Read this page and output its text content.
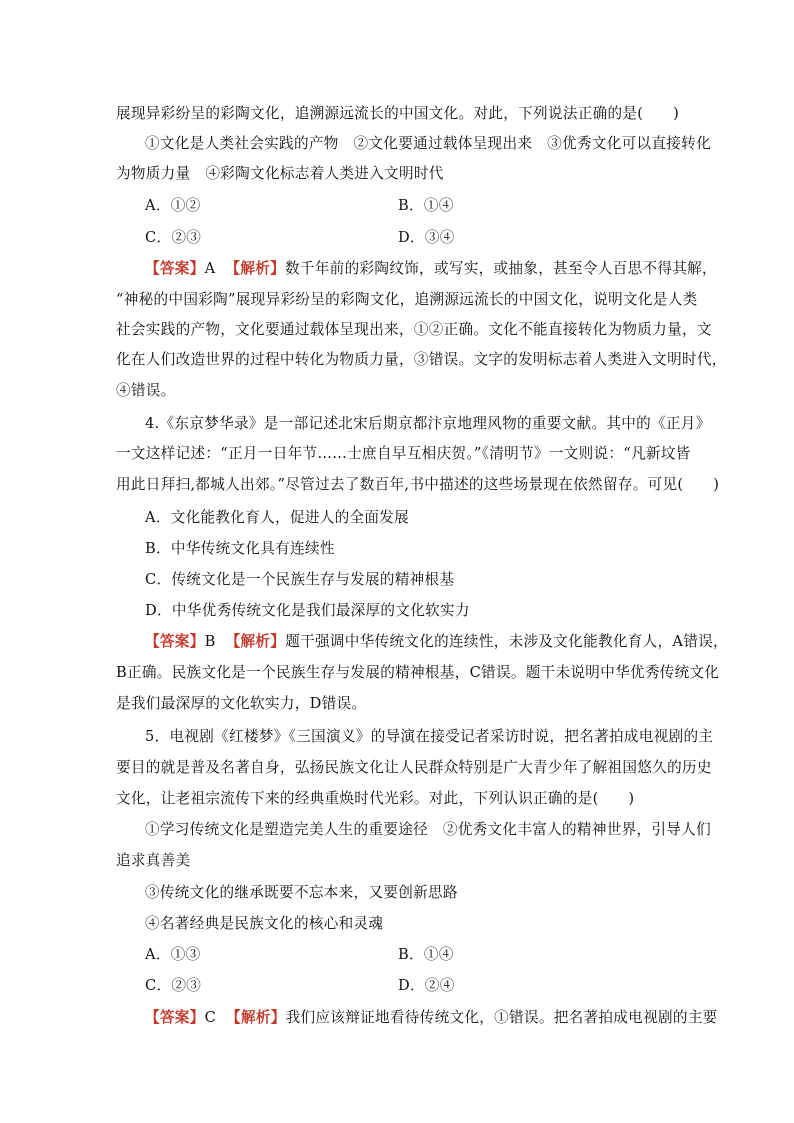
展现异彩纷呈的彩陶文化，追溯源远流长的中国文化。对此，下列说法正确的是(　　)
①文化是人类社会实践的产物　②文化要通过载体呈现出来　③优秀文化可以直接转化
为物质力量　④彩陶文化标志着人类进入文明时代
A．①②	B．①④
C．②③	D．③④
【答案】A 【解析】数千年前的彩陶纹饰，或写实，或抽象，甚至令人百思不得其解，
“神秘的中国彩陶”展现异彩纷呈的彩陶文化，追溯源远流长的中国文化，说明文化是人类
社会实践的产物，文化要通过载体呈现出来，①②正确。文化不能直接转化为物质力量，文
化在人们改造世界的过程中转化为物质力量，③错误。文字的发明标志着人类进入文明时代，
④错误。
4.《东京梦华录》是一部记述北宋后期京都汴京地理风物的重要文献。其中的《正月》
一文这样记述：“正月一日年节……士庶自早互相庆贺。”《清明节》一文则说：“凡新坟皆
用此日拜扫,都城人出郊。”尽管过去了数百年,书中描述的这些场景现在依然留存。可见(　　)
A．文化能教化育人，促进人的全面发展
B．中华传统文化具有连续性
C．传统文化是一个民族生存与发展的精神根基
D．中华优秀传统文化是我们最深厚的文化软实力
【答案】B 【解析】题干强调中华传统文化的连续性，未涉及文化能教化育人，A错误，
B正确。民族文化是一个民族生存与发展的精神根基，C错误。题干未说明中华优秀传统文化
是我们最深厚的文化软实力，D错误。
5．电视剧《红楼梦》《三国演义》的导演在接受记者采访时说，把名著拍成电视剧的主
要目的就是普及名著自身，弘扬民族文化让人民群众特别是广大青少年了解祖国悠久的历史
文化，让老祖宗流传下来的经典重焕时代光彩。对此，下列认识正确的是(　　)
①学习传统文化是塑造完美人生的重要途径　②优秀文化丰富人的精神世界，引导人们
追求真善美
③传统文化的继承既要不忘本来，又要创新思路
④名著经典是民族文化的核心和灵魂
A．①③	B．①④
C．②③	D．②④
【答案】C 【解析】我们应该辩证地看待传统文化，①错误。把名著拍成电视剧的主要
